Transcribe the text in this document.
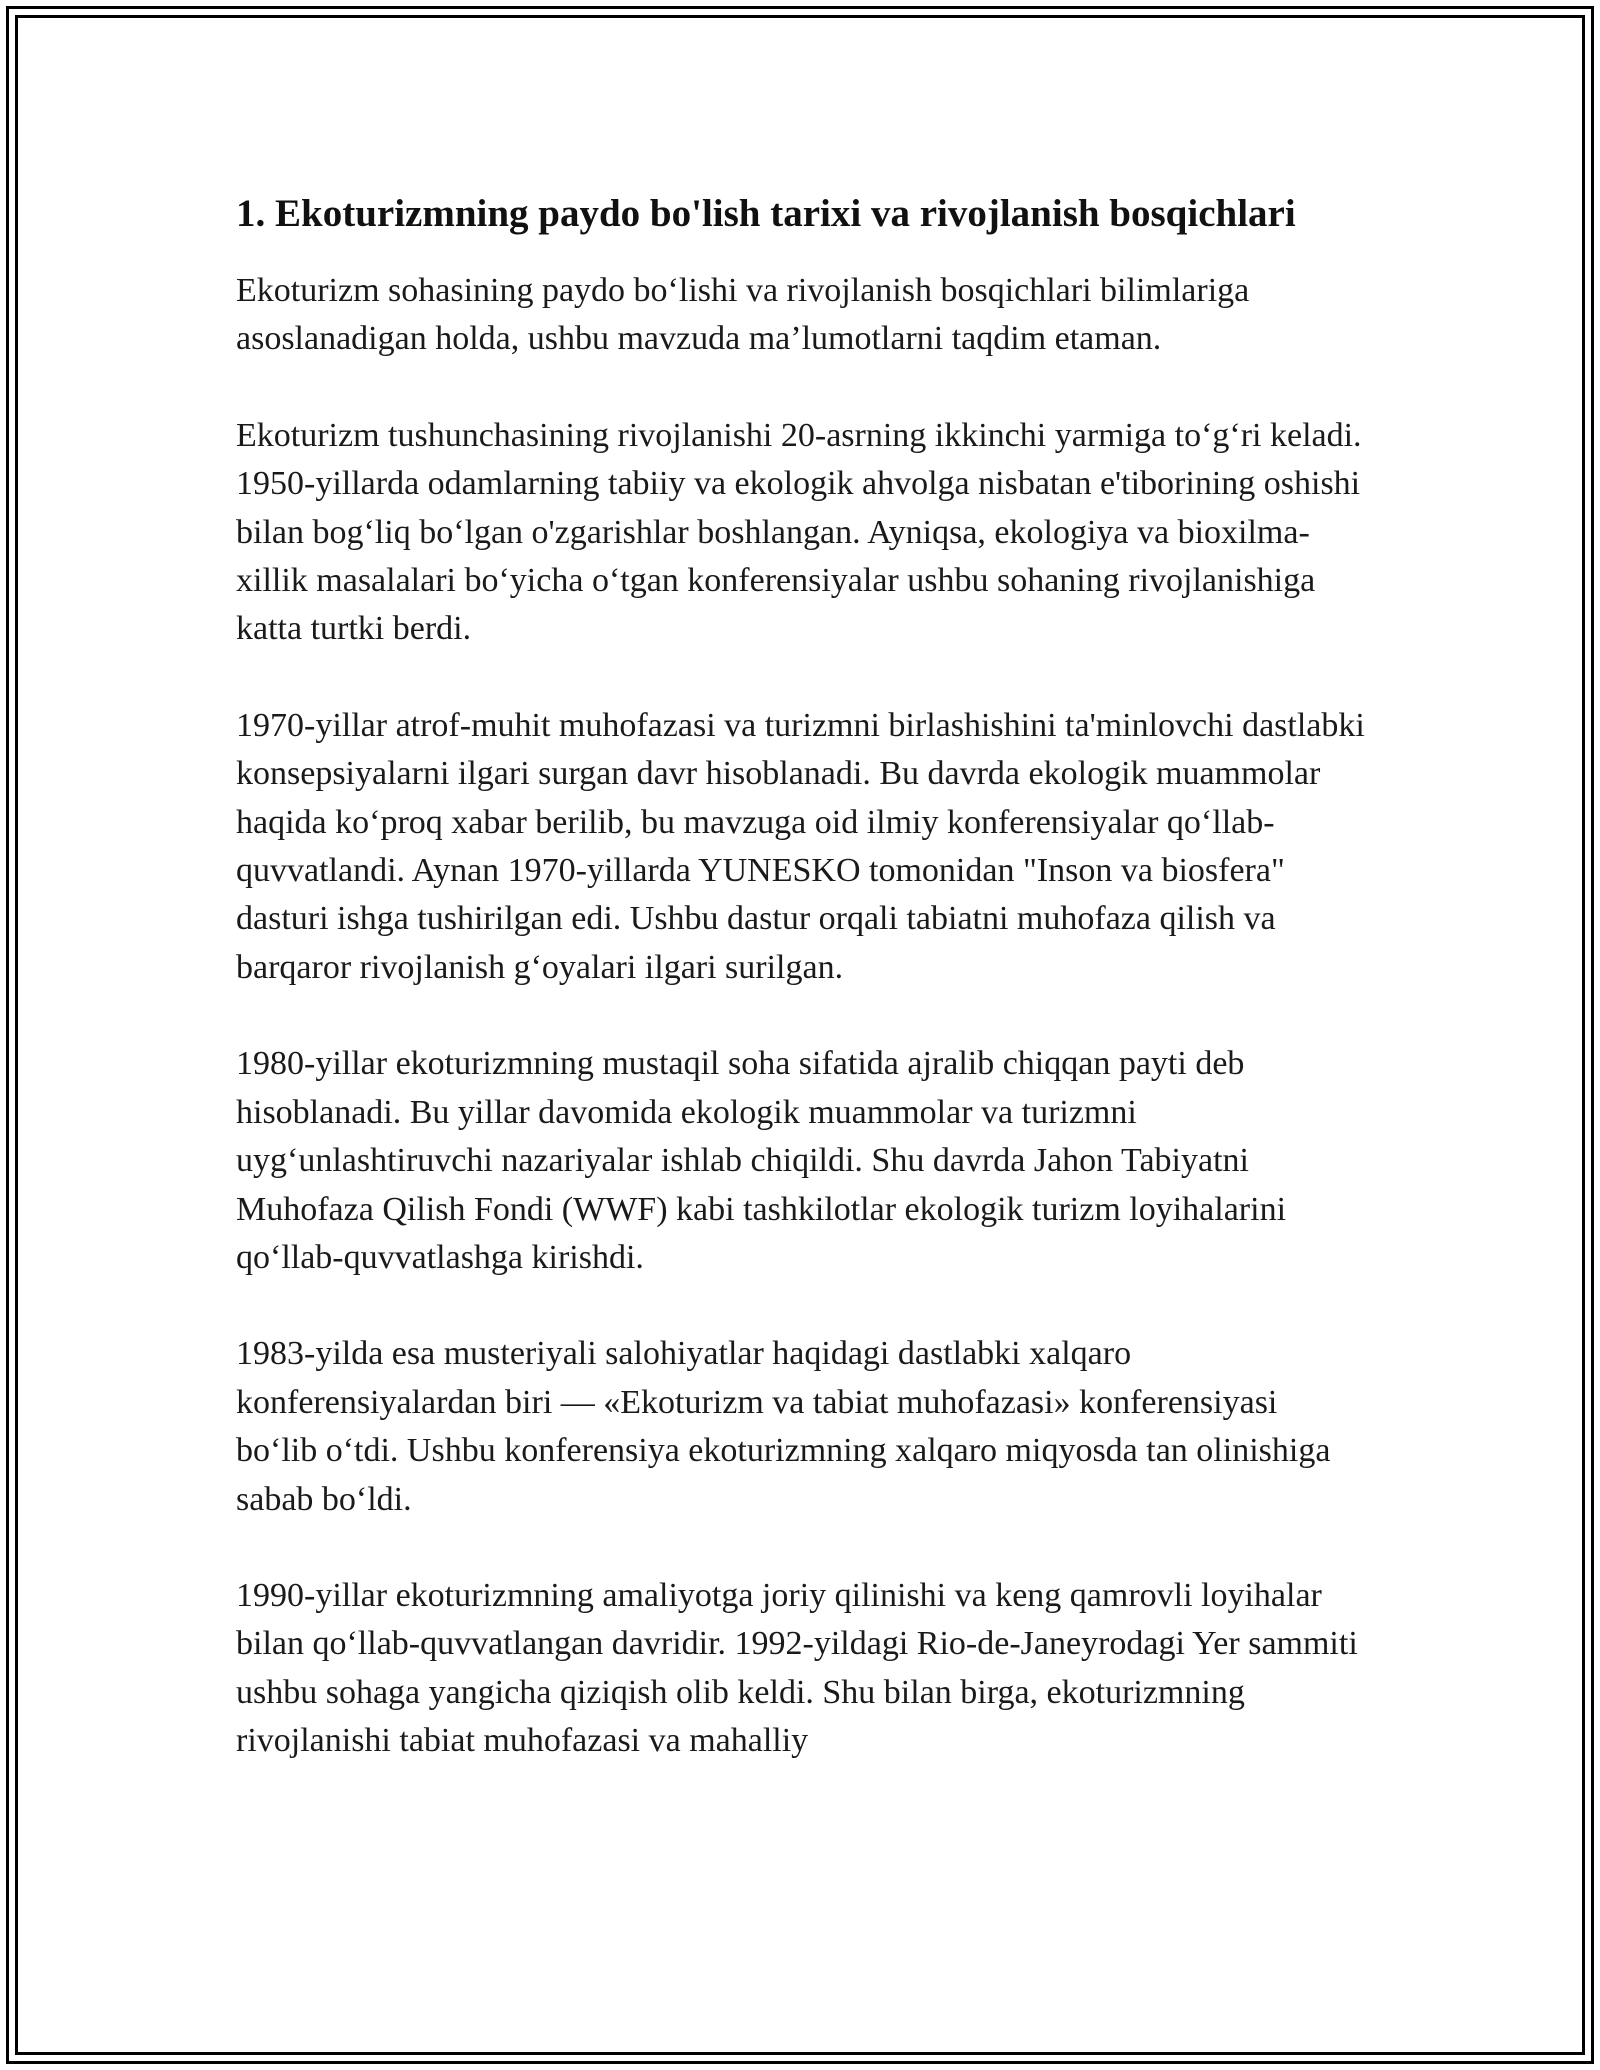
1. Ekoturizmning paydo bo'lish tarixi va rivojlanish bosqichlari

Ekoturizm sohasining paydo bo‘lishi va rivojlanish bosqichlari bilimlariga asoslanadigan holda, ushbu mavzuda ma’lumotlarni taqdim etaman.

Ekoturizm tushunchasining rivojlanishi 20-asrning ikkinchi yarmiga to‘g‘ri keladi. 1950-yillarda odamlarning tabiiy va ekologik ahvolga nisbatan e'tiborining oshishi bilan bog‘liq bo‘lgan o'zgarishlar boshlangan. Ayniqsa, ekologiya va bioxilma-xillik masalalari bo‘yicha o‘tgan konferensiyalar ushbu sohaning rivojlanishiga katta turtki berdi.

1970-yillar atrof-muhit muhofazasi va turizmni birlashishini ta'minlovchi dastlabki konsepsiyalarni ilgari surgan davr hisoblanadi. Bu davrda ekologik muammolar haqida ko‘proq xabar berilib, bu mavzuga oid ilmiy konferensiyalar qo‘llab-quvvatlandi. Aynan 1970-yillarda YUNESKO tomonidan "Inson va biosfera" dasturi ishga tushirilgan edi. Ushbu dastur orqali tabiatni muhofaza qilish va barqaror rivojlanish g‘oyalari ilgari surilgan.

1980-yillar ekoturizmning mustaqil soha sifatida ajralib chiqqan payti deb hisoblanadi. Bu yillar davomida ekologik muammolar va turizmni uyg‘unlashtiruvchi nazariyalar ishlab chiqildi. Shu davrda Jahon Tabiyatni Muhofaza Qilish Fondi (WWF) kabi tashkilotlar ekologik turizm loyihalarini qo‘llab-quvvatlashga kirishdi.

1983-yilda esa musteriyali salohiyatlar haqidagi dastlabki xalqaro konferensiyalardan biri — «Ekoturizm va tabiat muhofazasi» konferensiyasi bo‘lib o‘tdi. Ushbu konferensiya ekoturizmning xalqaro miqyosda tan olinishiga sabab bo‘ldi.

1990-yillar ekoturizmning amaliyotga joriy qilinishi va keng qamrovli loyihalar bilan qo‘llab-quvvatlangan davridir. 1992-yildagi Rio-de-Janeyrodagi Yer sammiti ushbu sohaga yangicha qiziqish olib keldi. Shu bilan birga, ekoturizmning rivojlanishi tabiat muhofazasi va mahalliy
